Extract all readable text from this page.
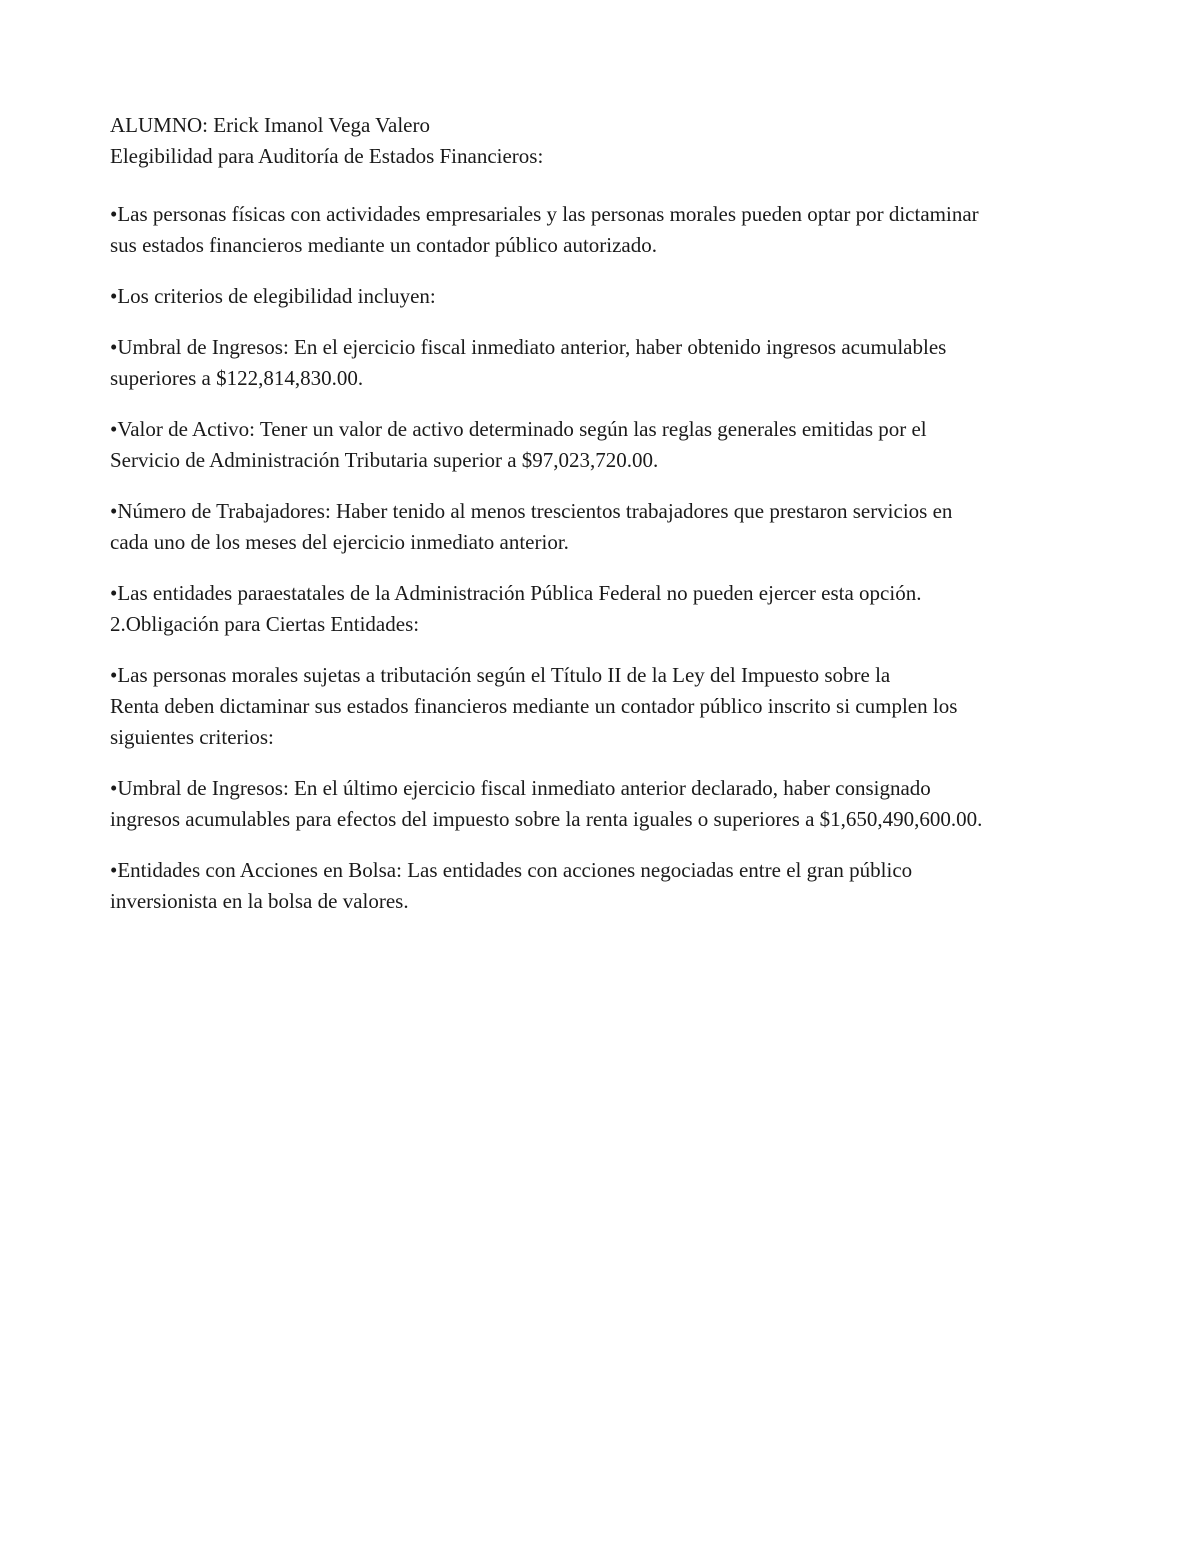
ALUMNO: Erick Imanol Vega Valero
Elegibilidad para Auditoría de Estados Financieros:
•Las personas físicas con actividades empresariales y las personas morales pueden optar por dictaminar
sus estados financieros mediante un contador público autorizado.
•Los criterios de elegibilidad incluyen:
•Umbral de Ingresos: En el ejercicio fiscal inmediato anterior, haber obtenido ingresos acumulables
superiores a $122,814,830.00.
•Valor de Activo: Tener un valor de activo determinado según las reglas generales emitidas por el
Servicio de Administración Tributaria superior a $97,023,720.00.
•Número de Trabajadores: Haber tenido al menos trescientos trabajadores que prestaron servicios en
cada uno de los meses del ejercicio inmediato anterior.
•Las entidades paraestatales de la Administración Pública Federal no pueden ejercer esta opción.
2.Obligación para Ciertas Entidades:
•Las personas morales sujetas a tributación según el Título II de la Ley del Impuesto sobre la
Renta deben dictaminar sus estados financieros mediante un contador público inscrito si cumplen los
siguientes criterios:
•Umbral de Ingresos: En el último ejercicio fiscal inmediato anterior declarado, haber consignado
ingresos acumulables para efectos del impuesto sobre la renta iguales o superiores a $1,650,490,600.00.
•Entidades con Acciones en Bolsa: Las entidades con acciones negociadas entre el gran público
inversionista en la bolsa de valores.
